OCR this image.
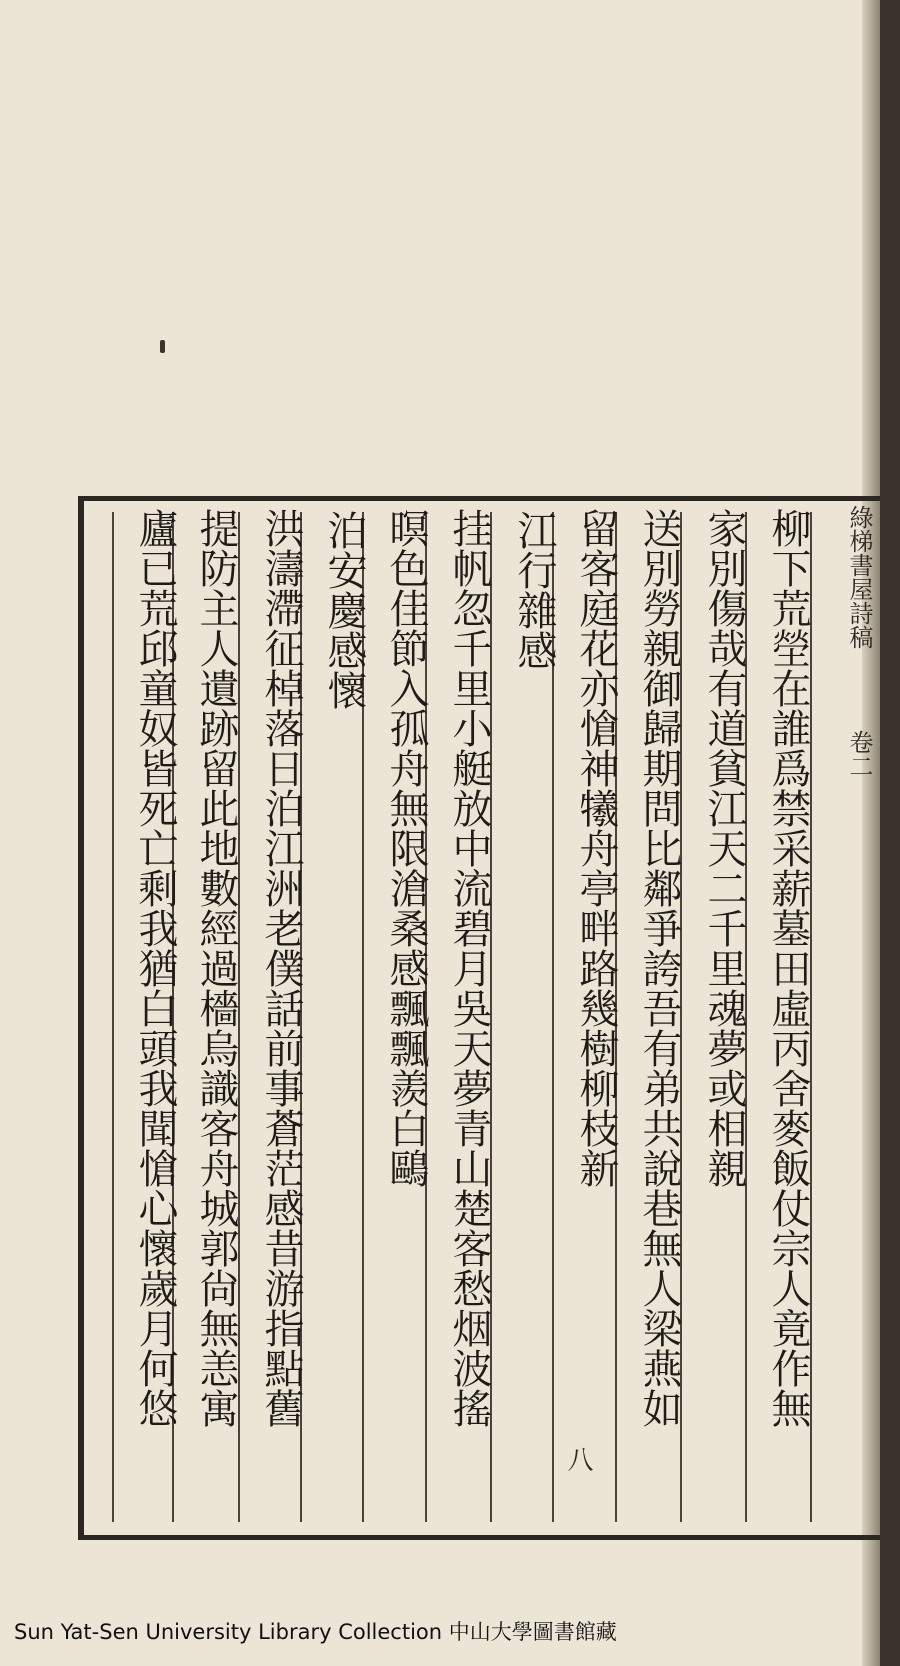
柳下荒塋在誰爲禁采薪墓田虛丙舍麥飯仗宗人竟作無
家別傷哉有道貧江天二千里魂夢或相親
送別勞親御歸期問比鄰爭誇吾有弟共說巷無人梁燕如
留客庭花亦愴神犧舟亭畔路幾樹柳枝新
江行雜感
挂帆忽千里小艇放中流碧月吳天夢青山楚客愁烟波搖
暝色佳節入孤舟無限滄桑感飄飄羨白鷗
泊安慶感懷
洪濤滯征棹落日泊江洲老僕話前事蒼茫感昔游指點舊
提防主人遺跡留此地數經過檣烏識客舟城郭尙無恙寓
廬已荒邱童奴皆死亡剩我猶白頭我聞愴心懷歲月何悠	綠梯書屋詩稿
卷二
八
Sun Yat-Sen University Library Collection 中山大學圖書館藏
